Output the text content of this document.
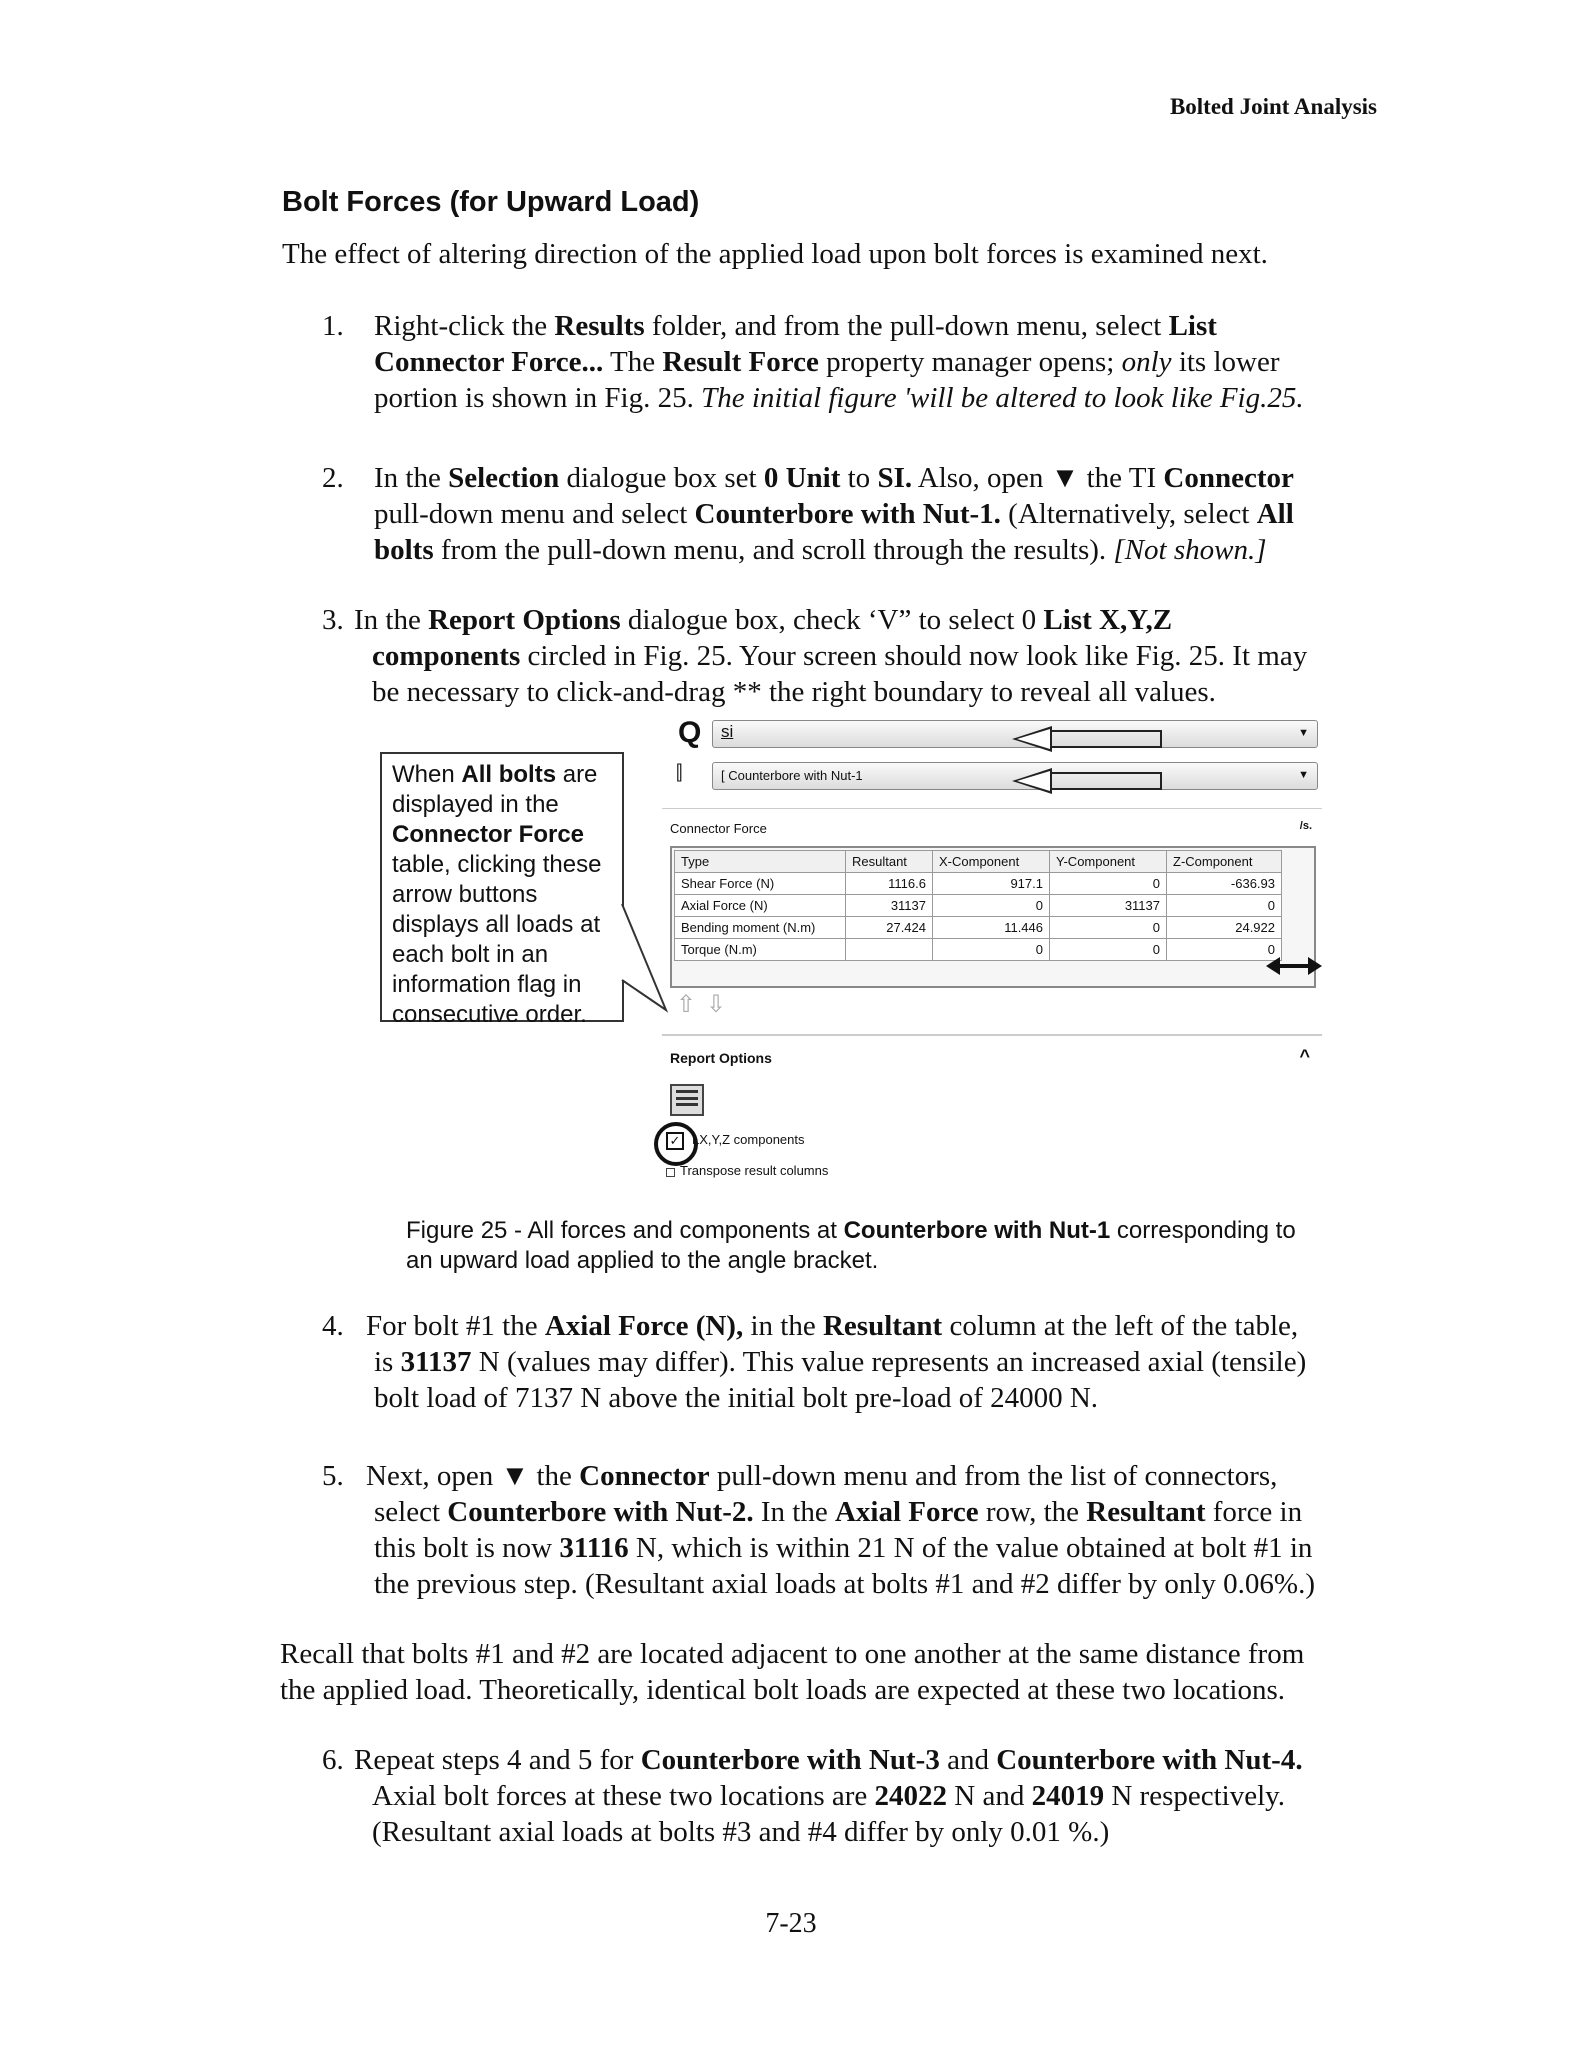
Bolted Joint Analysis
Bolt Forces (for Upward Load)
The effect of altering direction of the applied load upon bolt forces is examined next.
1. Right-click the Results folder, and from the pull-down menu, select List
Connector Force... The Result Force property manager opens; only its lower
portion is shown in Fig. 25. The initial figure 'will be altered to look like Fig.25.
2. In the Selection dialogue box set 0 Unit to SI. Also, open ▼ the TI Connector
pull-down menu and select Counterbore with Nut-1. (Alternatively, select All
bolts from the pull-down menu, and scroll through the results). [Not shown.]
3. In the Report Options dialogue box, check ‘V” to select 0 List X,Y,Z
components circled in Fig. 25. Your screen should now look like Fig. 25. It may
be necessary to click-and-drag ** the right boundary to reveal all values.
When All bolts are
displayed in the
Connector Force
table, clicking these
arrow buttons
displays all loads at
each bolt in an
information flag in
consecutive order.
Q si	▼
⫿	[ Counterbore with Nut-1	▼
Connector Force	/s.
Type	Resultant	X-Component	Y-Component	Z-Component
Shear Force (N)	1116.6	917.1	0	-636.93
Axial Force (N)	31137	0	31137	0
Bending moment (N.m)	27.424	11.446	0	24.922
Torque (N.m)		0	0	0
⇧ ⇩
Report Options	^
✓ LX,Y,Z components
Transpose result columns
Figure 25 - All forces and components at Counterbore with Nut-1 corresponding to
an upward load applied to the angle bracket.
4. For bolt #1 the Axial Force (N), in the Resultant column at the left of the table,
is 31137 N (values may differ). This value represents an increased axial (tensile)
bolt load of 7137 N above the initial bolt pre-load of 24000 N.
5. Next, open ▼ the Connector pull-down menu and from the list of connectors,
select Counterbore with Nut-2. In the Axial Force row, the Resultant force in
this bolt is now 31116 N, which is within 21 N of the value obtained at bolt #1 in
the previous step. (Resultant axial loads at bolts #1 and #2 differ by only 0.06%.)
Recall that bolts #1 and #2 are located adjacent to one another at the same distance from
the applied load. Theoretically, identical bolt loads are expected at these two locations.
6. Repeat steps 4 and 5 for Counterbore with Nut-3 and Counterbore with Nut-4.
Axial bolt forces at these two locations are 24022 N and 24019 N respectively.
(Resultant axial loads at bolts #3 and #4 differ by only 0.01 %.)
7-23
